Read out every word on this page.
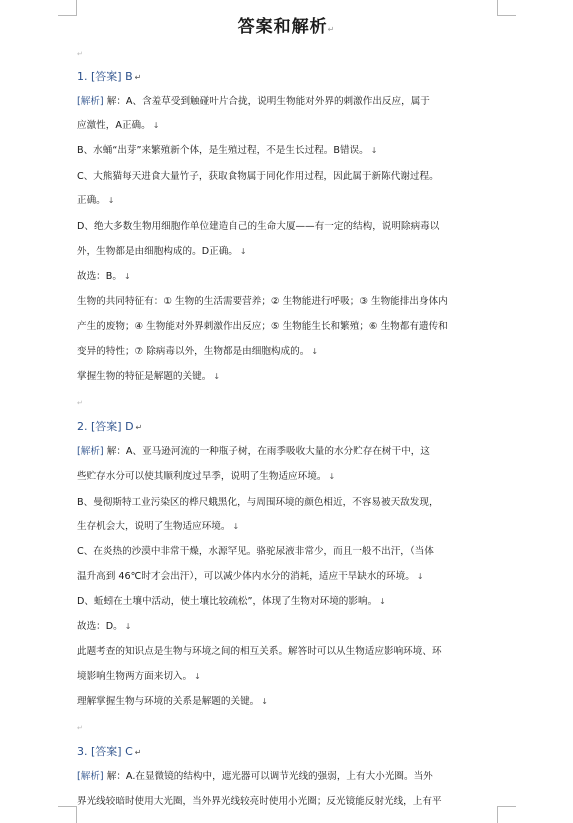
答案和解析↵
↵
1. [答案] B ↵
[解析] 解：A、含羞草受到触碰叶片合拢，说明生物能对外界的刺激作出反应，属于
应激性，A正确。 ↓
B、水蛹“出芽”来繁殖新个体，是生殖过程，不是生长过程。B错误。 ↓
C、大熊猫每天进食大量竹子，获取食物属于同化作用过程，因此属于新陈代谢过程。
正确。 ↓
D、绝大多数生物用细胞作单位建造自己的生命大厦——有一定的结构，说明除病毒以
外，生物都是由细胞构成的。D正确。 ↓
故选：B。 ↓
生物的共同特征有：① 生物的生活需要营养；② 生物能进行呼吸；③ 生物能排出身体内
产生的废物；④ 生物能对外界刺激作出反应；⑤ 生物能生长和繁殖；⑥ 生物都有遗传和
变异的特性；⑦ 除病毒以外，生物都是由细胞构成的。 ↓
掌握生物的特征是解题的关键。 ↓
↵
2. [答案] D ↵
[解析] 解：A、亚马逊河流的一种瓶子树，在雨季吸收大量的水分贮存在树干中，这
些贮存水分可以使其顺利度过旱季，说明了生物适应环境。 ↓
B、曼彻斯特工业污染区的桦尺蛾黑化，与周围环境的颜色相近，不容易被天敌发现，
生存机会大，说明了生物适应环境。 ↓
C、在炎热的沙漠中非常干燥，水源罕见。骆驼尿液非常少，而且一般不出汗，（当体
温升高到 46℃时才会出汗），可以减少体内水分的消耗，适应干旱缺水的环境。 ↓
D、蚯蚓在土壤中活动，使土壤比较疏松”，体现了生物对环境的影响。 ↓
故选：D。 ↓
此题考查的知识点是生物与环境之间的相互关系。解答时可以从生物适应影响环境、环
境影响生物两方面来切入。 ↓
理解掌握生物与环境的关系是解题的关键。 ↓
↵
3. [答案] C ↵
[解析] 解：A.在显微镜的结构中，遮光器可以调节光线的强弱，上有大小光圈。当外
界光线较暗时使用大光圈，当外界光线较亮时使用小光圈；反光镜能反射光线，上有平
